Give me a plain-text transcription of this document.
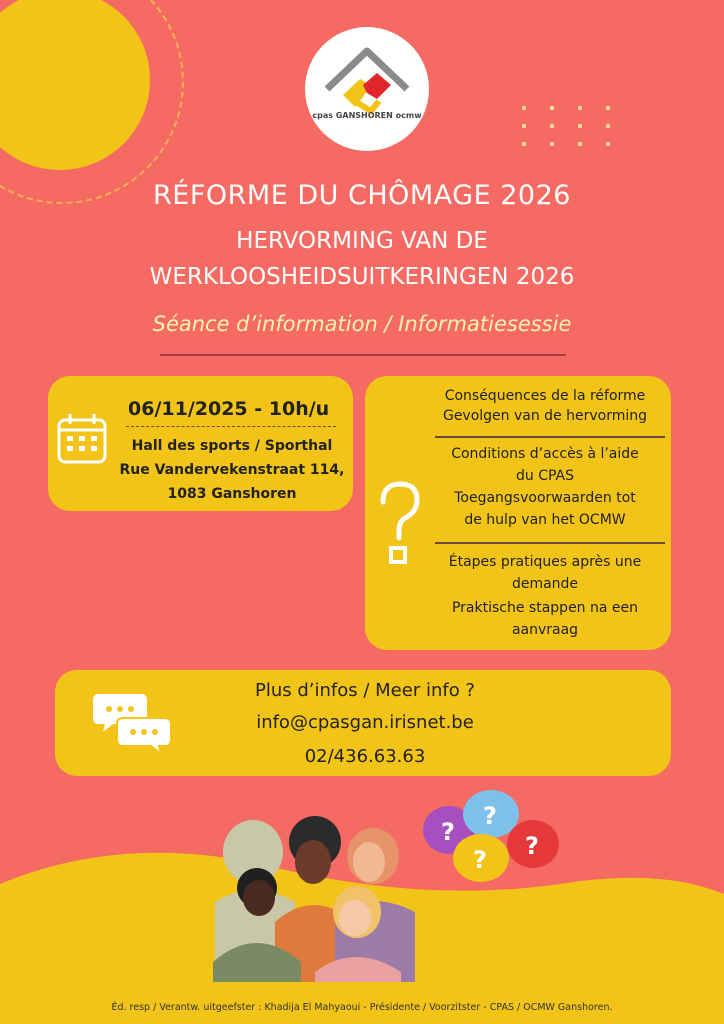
cpas GANSHOREN ocmw
RÉFORME DU CHÔMAGE 2026
HERVORMING VAN DE
WERKLOOSHEIDSUITKERINGEN 2026
Séance d’information / Informatiesessie
06/11/2025 - 10h/u
Hall des sports / Sporthal
Rue Vandervekenstraat 114,
1083 Ganshoren
Conséquences de la réforme
Gevolgen van de hervorming
Conditions d’accès à l’aide
du CPAS
Toegangsvoorwaarden tot
de hulp van het OCMW
Étapes pratiques après une
demande
Praktische stappen na een
aanvraag
Plus d’infos / Meer info ?
info@cpasgan.irisnet.be
02/436.63.63
?
?
?
?
Éd. resp / Verantw. uitgeefster : Khadija El Mahyaoui - Présidente / Voorzitster - CPAS / OCMW Ganshoren.
